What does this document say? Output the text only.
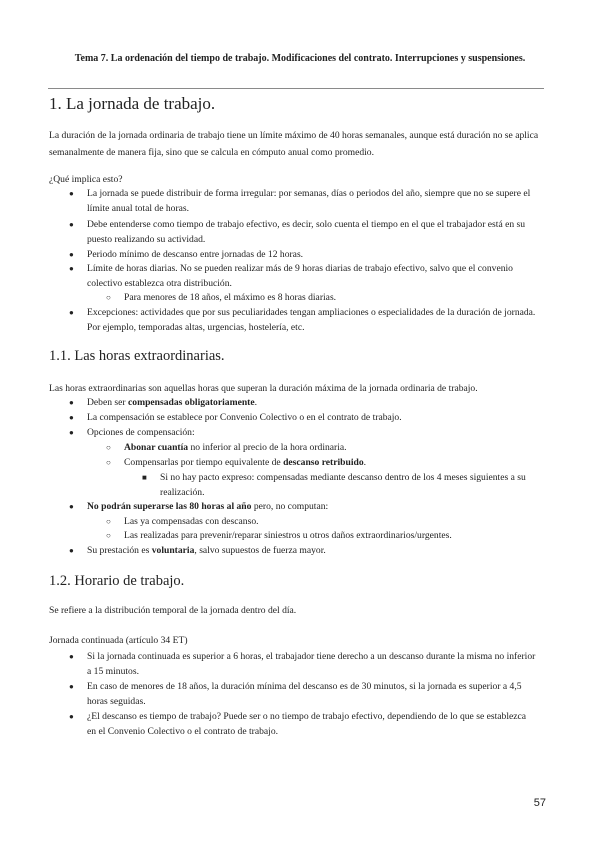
Tema 7. La ordenación del tiempo de trabajo. Modificaciones del contrato. Interrupciones y suspensiones.
1. La jornada de trabajo.

La duración de la jornada ordinaria de trabajo tiene un límite máximo de 40 horas semanales, aunque está duración no se aplica semanalmente de manera fija, sino que se calcula en cómputo anual como promedio.

¿Qué implica esto?

● La jornada se puede distribuir de forma irregular: por semanas, días o periodos del año, siempre que no se supere el límite anual total de horas.
● Debe entenderse como tiempo de trabajo efectivo, es decir, solo cuenta el tiempo en el que el trabajador está en su puesto realizando su actividad.
● Periodo mínimo de descanso entre jornadas de 12 horas.
● Límite de horas diarias. No se pueden realizar más de 9 horas diarias de trabajo efectivo, salvo que el convenio colectivo establezca otra distribución.
○ Para menores de 18 años, el máximo es 8 horas diarias.
● Excepciones: actividades que por sus peculiaridades tengan ampliaciones o especialidades de la duración de jornada. Por ejemplo, temporadas altas, urgencias, hostelería, etc.
1.1. Las horas extraordinarias.

Las horas extraordinarias son aquellas horas que superan la duración máxima de la jornada ordinaria de trabajo.

● Deben ser compensadas obligatoriamente.
● La compensación se establece por Convenio Colectivo o en el contrato de trabajo.
● Opciones de compensación:
○ Abonar cuantía no inferior al precio de la hora ordinaria.
○ Compensarlas por tiempo equivalente de descanso retribuido.
■ Si no hay pacto expreso: compensadas mediante descanso dentro de los 4 meses siguientes a su realización.
● No podrán superarse las 80 horas al año pero, no computan:
○ Las ya compensadas con descanso.
○ Las realizadas para prevenir/reparar siniestros u otros daños extraordinarios/urgentes.
● Su prestación es voluntaria, salvo supuestos de fuerza mayor.
1.2. Horario de trabajo.

Se refiere a la distribución temporal de la jornada dentro del día.

Jornada continuada (artículo 34 ET)

● Si la jornada continuada es superior a 6 horas, el trabajador tiene derecho a un descanso durante la misma no inferior a 15 minutos.
● En caso de menores de 18 años, la duración mínima del descanso es de 30 minutos, si la jornada es superior a 4,5 horas seguidas.
● ¿El descanso es tiempo de trabajo? Puede ser o no tiempo de trabajo efectivo, dependiendo de lo que se establezca en el Convenio Colectivo o el contrato de trabajo.
57
